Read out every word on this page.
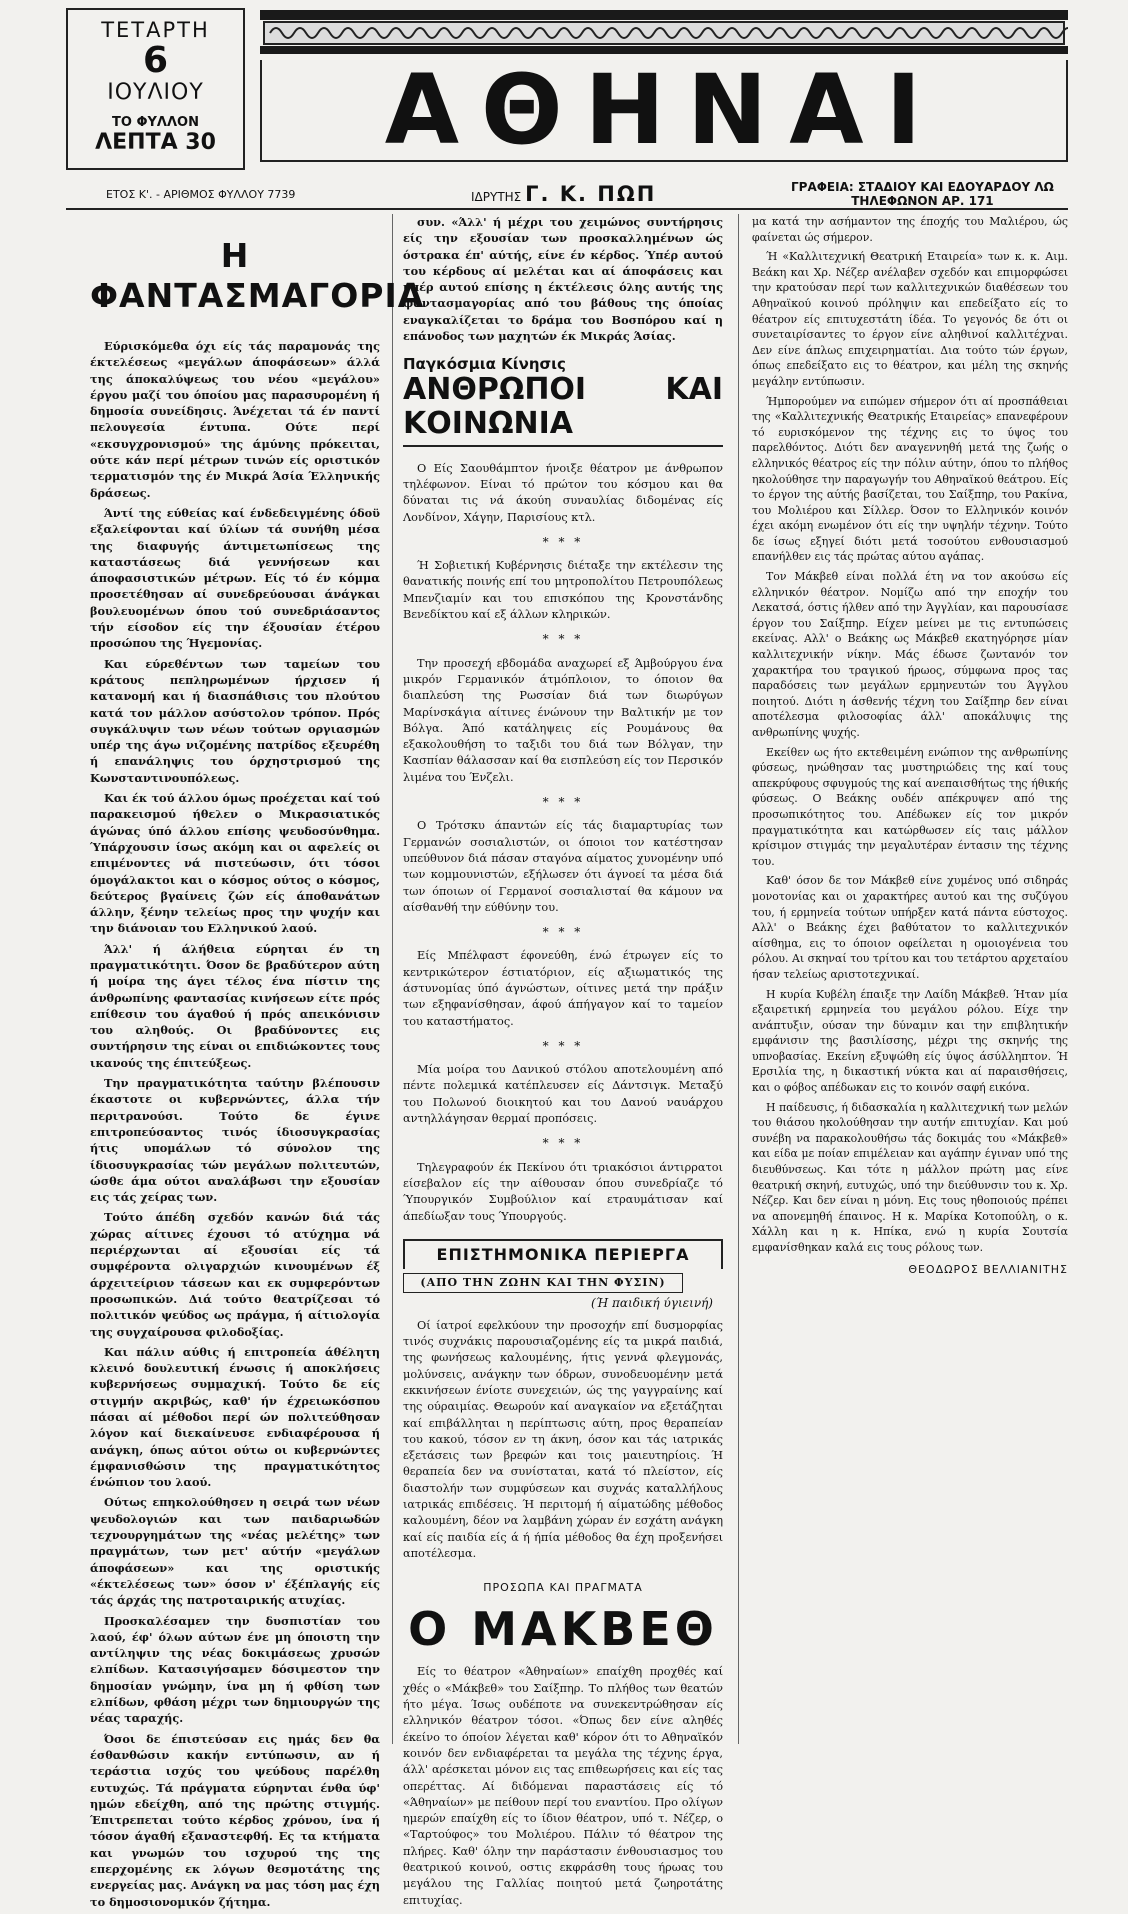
ΤΕΤΑΡΤΗ
6
ΙΟΥΛΙΟΥ
ΤΟ ΦΥΛΛΟΝ
ΛΕΠΤΑ 30	ΑΘΗΝΑΙ
ΕΤΟΣ Κ'. - ΑΡΙΘΜΟΣ ΦΥΛΛΟΥ 7739	ΙΔΡΥΤΗΣ Γ. Κ. ΠΩΠ	ΓΡΑΦΕΙΑ: ΣΤΑΔΙΟΥ ΚΑΙ ΕΔΟΥΑΡΔΟΥ ΛΩ
ΤΗΛΕΦΩΝΟΝ ΑΡ. 171
Η ΦΑΝΤΑΣΜΑΓΟΡΙΑ

Εύρισκόμεθα όχι είς τάς παραμονάς της έκτελέσεως «μεγάλων άποφάσεων» άλλά της άποκαλύψεως του νέου «μεγάλου» έργου μαζί του όποίου μας παρασυρομένη ή δημοσία συνείδησις. Άνέχεται τά έν παντί πελουγεσία έντυπα. Ούτε περί «εκσυγχρονισμού» της άμύνης πρόκειται, ούτε κάν περί μέτρων τινών είς οριστικόν τερματισμόν της έν Μικρά Άσία Έλληνικής δράσεως.

Άντί της εύθείας καί ένδεδειγμένης όδοϋ εξαλείφονται καί ύλίων τά συνήθη μέσα της διαφυγής άντιμετωπίσεως της καταστάσεως διά γεννήσεων και άποφασιστικών μέτρων. Είς τό έν κόμμα προσετέθησαν αί συνεδρεύουσαι άνάγκαι βουλευομένων όπου τού συνεδριάσαντος τήν είσοδον είς την έξουσίαν έτέρου προσώπου της Ήγεμονίας.

Και εύρεθέντων των ταμείων του κράτους πεπληρωμένων ήρχισεν ή κατανομή και ή διασπάθισις του πλούτου κατά τον μάλλον ασύστολον τρόπον. Πρός συγκάλυψιν των νέων τούτων οργιασμών υπέρ της άγω νιζομένης πατρίδος εξευρέθη ή επανάληψις του όρχηστρισμού της Κωνσταντινουπόλεως.

Και έκ τού άλλου όμως προέχεται καί τού παρακεισμού ήθελεν ο Μικρασιατικός άγώνας ύπό άλλου επίσης ψευδοσύνθημα. Ύπάρχουσιν ίσως ακόμη και οι αφελείς οι επιμένοντες νά πιστεύωσιν, ότι τόσοι όμογάλακτοι και ο κόσμος ούτος ο κόσμος, δεύτερος βγαίνεις ζών είς άποθανάτων άλλην, ξένην τελείως προς την ψυχήν και την διάνοιαν του Ελληνικού λαού.

Άλλ' ή άλήθεια εύρηται έν τη πραγματικότητι. Όσον δε βραδύτερον αύτη ή μοίρα της άγει τέλος ένα πίστιν της άνθρωπίνης φαντασίας κινήσεων είτε πρός επίθεσιν του άγαθού ή πρός απεικόνισιν του αληθούς. Οι βραδύνοντες εις συντήρησιν της είναι οι επιδιώκοντες τους ικανούς της έπιτεύξεως.

Την πραγματικότητα ταύτην βλέπουσιν έκαστοτε οι κυβερνώντες, άλλα τήν περιτρανούσι. Τούτο δε έγινε επιτροπεύσαντος τινός ίδιοσυγκρασίας ήτις υπομάλων τό σύνολον της ίδιοσυγκρασίας τών μεγάλων πολιτευτών, ώσθε άμα ούτοι αναλάβωσι την εξουσίαν εις τάς χείρας των.

Τούτο άπέδη σχεδόν κανών διά τάς χώρας αίτινες έχουσι τό ατύχημα νά περιέρχωνται αί εξουσίαι είς τά συμφέροντα ολιγαρχιών κινουμένων έξ άρχειτείριον τάσεων και εκ συμφερόντων προσωπικών. Διά τούτο θεατρίζεσαι τό πολιτικόν ψεύδος ως πράγμα, ή αίτιολογία της συγχαίρουσα φιλοδοξίας.

Και πάλιν αύθις ή επιτροπεία άθέλητη κλεινό δουλευτική ένωσις ή αποκλήσεις κυβερνήσεως συμμαχική. Τούτο δε είς στιγμήν ακριβώς, καθ' ήν έχρειωκόσπου πάσαι αί μέθοδοι περί ών πολιτεύθησαν λόγον καί διεκαίνευσε ενδιαφέρουσα ή ανάγκη, όπως αύτοι ούτω οι κυβερνώντες έμφανισθώσιν της πραγματικότητος ένώπιον του λαού.

Ούτως επηκολούθησεν η σειρά των νέων ψευδολογιών και των παιδαριωδών τεχνουργημάτων της «νέας μελέτης» των πραγμάτων, των μετ' αύτήν «μεγάλων άποφάσεων» και της οριστικής «έκτελέσεως των» όσον ν' έξέπλαγής είς τάς άρχάς της πατροταιρικής ατυχίας.

Προσκαλέσαμεν την δυσπιστίαν του λαού, έφ' όλων αύτων ένε μη όποιστη την αντίληψιν της νέας δοκιμάσεως χρυσών ελπίδων. Κατασιγήσαμεν δόσιμεστον την δημοσίαν γνώμην, ίνα μη ή φθίση των ελπίδων, φθάση μέχρι των δημιουργών της νέας ταραχής.

Όσοι δε έπιστεύσαν εις ημάς δεν θα έσθανθώσιν κακήν εντύπωσιν, αν ή τεράστια ισχύς του ψεύδους παρέλθη ευτυχώς. Τά πράγματα εύρηνται ένθα ύφ' ημών εδείχθη, από της πρώτης στιγμής. Έπιτρεπεται τούτο κέρδος χρόνου, ίνα ή τόσον άγαθή εξαναστεφθή. Ες τα κτήματα και γνωμών του ισχυρού της της επερχομένης εκ λόγων θεσμοτάτης της ενεργείας μας. Ανάγκη να μας τόση μας έχη το δημοσιονομικόν ζήτημα.

συν. «Άλλ' ή μέχρι του χειμώνος συντήρησις είς την εξουσίαν των προσκαλλημένων ώς όστρακα έπ' αύτής, είνε έν κέρδος. Ύπέρ αυτού του κέρδους αί μελέται και αί άποφάσεις και υπέρ αυτού επίσης η έκτέλεσις όλης αυτής της φαντασμαγορίας από του βάθους της όποίας εναγκαλίζεται το δράμα του Βοσπόρου καί η επάνοδος των μαχητών έκ Μικράς Άσίας.

Παγκόσμια Κίνησις
ΑΝΘΡΩΠΟΙ ΚΑΙ ΚΟΙΝΩΝΙΑ

Ο Είς Σαουθάμπτον ήνοιξε θέατρον με άνθρωπον τηλέφωνον. Είναι τό πρώτον του κόσμου και θα δύναται τις νά άκούη συναυλίας διδομένας είς Λονδίνον, Χάγην, Παρισίους κτλ.

* * *

Ή Σοβιετική Κυβέρνησις διέταξε την εκτέλεσιν της θανατικής ποινής επί του μητροπολίτου Πετρουπόλεως Μπενζιαμίν και του επισκόπου της Κρονστάνδης Βενεδίκτου καί εξ άλλων κληρικών.

* * *

Την προσεχή εβδομάδα αναχωρεί εξ Άμβούργου ένα μικρόν Γερμανικόν άτμόπλοιον, το όποιον θα διαπλεύση της Ρωσσίαν διά των διωρύγων Μαρίνσκάγια αίτινες ένώνουν την Βαλτικήν με τον Βόλγα. Άπό κατάληψεις είς Ρουμάνους θα εξακολουθήση το ταξιδι του διά των Βόλγαν, την Κασπίαν θάλασσαν καί θα εισπλεύση είς τον Περσικόν λιμένα του Ένζελι.

* * *

Ο Τρότσκυ άπαντών είς τάς διαμαρτυρίας των Γερμανών σοσιαλιστών, οι όποιοι τον κατέστησαν υπεύθυνον διά πάσαν σταγόνα αίματος χυνομένην υπό των κομμουνιστών, εξήλωσεν ότι άγνοεί τα μέσα διά των όποιων οί Γερμανοί σοσιαλισταί θα κάμουν να αίσθανθή την εύθύνην του.

* * *

Είς Μπέλφαστ έφονεύθη, ένώ έτρωγεν είς το κεντρικώτερον έστιατόριον, είς αξιωματικός της άστυνομίας ύπό άγνώστων, οίτινες μετά την πράξιν των εξηφανίσθησαν, άφού άπήγαγον καί το ταμείον του καταστήματος.

* * *

Μία μοίρα του Δανικού στόλου αποτελουμένη από πέντε πολεμικά κατέπλευσεν είς Δάντσιγκ. Μεταξύ του Πολωνού διοικητού και του Δανού ναυάρχου αντηλλάγησαν θερμαί προπόσεις.

* * *

Τηλεγραφούν έκ Πεκίνου ότι τριακόσιοι άντιρρατοι είσεβαλον είς την αίθουσαν όπου συνεδρίαζε τό Ύπουργικόν Συμβούλιον καί ετραυμάτισαν καί άπεδίωξαν τους Ύπουργούς.

ΕΠΙΣΤΗΜΟΝΙΚΑ ΠΕΡΙΕΡΓΑ
(ΑΠΟ ΤΗΝ ΖΩΗΝ ΚΑΙ ΤΗΝ ΦΥΣΙΝ)
(Ή παιδική ύγιεινή)

Οί ίατροί εφελκύουν την προσοχήν επί δυσμορφίας τινός συχνάκις παρουσιαζομένης είς τα μικρά παιδιά, της φωνήσεως καλουμένης, ήτις γεννά φλεγμονάς, μολύνσεις, ανάγκην των όδρων, συνοδευομένην μετά εκκινήσεων ένίοτε συνεχειών, ώς της γαγγραίνης καί της ούραιμίας. Θεωρούν καί αναγκαίον να εξετάζηται καί επιβάλληται η περίπτωσις αύτη, προς θεραπείαν του κακού, τόσον εν τη άκνη, όσον και τάς ιατρικάς εξετάσεις των βρεφών και τοις μαιευτηρίοις. Ή θεραπεία δεν να συνίσταται, κατά τό πλείστον, είς διαστολήν των συμφύσεων και συχνάς καταλλήλους ιατρικάς επιδέσεις. Ή περιτομή ή αίματώδης μέθοδος καλουμένη, δέον να λαμβάνη χώραν έν εσχάτη ανάγκη καί είς παιδία είς ά ή ήπία μέθοδος θα έχη προξενήσει αποτέλεσμα.

ΠΡΟΣΩΠΑ ΚΑΙ ΠΡΑΓΜΑΤΑ
Ο ΜΑΚΒΕΘ

Είς το θέατρον «Άθηναίων» επαίχθη προχθές καί χθές ο «Μάκβεθ» του Σαίξπηρ. Το πλήθος των θεατών ήτο μέγα. Ίσως ουδέποτε να συνεκεντρώθησαν είς ελληνικόν θέατρον τόσοι. «Όπως δεν είνε αληθές έκείνο το όποίον λέγεται καθ' κόρον ότι το Αθηναϊκόν κοινόν δεν ενδιαφέρεται τα μεγάλα της τέχνης έργα, άλλ' αρέσκεται μόνον εις τας επιθεωρήσεις και είς τας οπερέττας. Αί διδόμεναι παραστάσεις είς τό «Άθηναίων» με πείθουν περί του εναντίου. Προ ολίγων ημερών επαίχθη είς το ίδιον θέατρον, υπό τ. Νέζερ, ο «Ταρτούφος» του Μολιέρου. Πάλιν τό θέατρον της πλήρες. Καθ' όλην την παράστασιν ένθουσιασμος του θεατρικού κοινού, οστις εκφράσθη τους ήρωας του μεγάλου της Γαλλίας ποιητού μετά ζωηροτάτης επιτυχίας.

μα κατά την ασήμαντον της έποχής του Μαλιέρου, ώς φαίνεται ώς σήμερον.

Ή «Καλλιτεχνική Θεατρική Εταιρεία» των κ. κ. Αιμ. Βεάκη και Χρ. Νέζερ ανέλαβεν σχεδόν και επιμορφώσει την κρατούσαν περί των καλλιτεχνικών διαθέσεων του Αθηναϊκού κοινού πρόληψιν και επεδείξατο είς το θέατρον είς επιτυχεστάτη ίδέα. Το γεγονός δε ότι οι συνεταιρίσαντες το έργον είνε αληθινοί καλλιτέχναι. Δεν είνε άπλως επιχειρηματίαι. Δια τούτο τών έργων, όπως επεδείξατο εις το θέατρον, και μέλη της σκηνής μεγάλην εντύπωσιν.

Ήμπορούμεν να ειπώμεν σήμερον ότι αί προσπάθειαι της «Καλλιτεχνικής Θεατρικής Εταιρείας» επανεφέρουν τό ευρισκόμενον της τέχνης εις το ύψος του παρελθόντος. Διότι δεν αναγεννηθή μετά της ζωής ο ελληνικός θέατρος είς την πόλιν αύτην, όπου το πλήθος ηκολούθησε την παραγωγήν του Αθηναϊκού θεάτρου. Είς το έργον της αύτής βασίζεται, του Σαίξπηρ, του Ρακίνα, του Μολιέρου και Σίλλερ. Όσον το Ελληνικόν κοινόν έχει ακόμη ενωμένον ότι είς την υψηλήν τέχνην. Τούτο δε ίσως εξηγεί διότι μετά τοσούτου ενθουσιασμού επανήλθεν εις τάς πρώτας αύτου αγάπας.

Τον Μάκβεθ είναι πολλά έτη να τον ακούσω είς ελληνικόν θέατρον. Νομίζω από την εποχήν του Λεκατσά, όστις ήλθεν από την Άγγλίαν, και παρουσίασε έργον του Σαίξπηρ. Είχεν μείνει με τις εντυπώσεις εκείνας. Αλλ' ο Βεάκης ως Μάκβεθ εκατηγόρησε μίαν καλλιτεχνικήν νίκην. Μάς έδωσε ζωντανόν τον χαρακτήρα του τραγικού ήρωος, σύμφωνα προς τας παραδόσεις των μεγάλων ερμηνευτών του Άγγλου ποιητού. Διότι η άσθενής τέχνη του Σαίξπηρ δεν είναι αποτέλεσμα φιλοσοφίας άλλ' αποκάλυψις της ανθρωπίνης ψυχής.

Εκείθεν ως ήτο εκτεθειμένη ενώπιον της ανθρωπίνης φύσεως, ηνώθησαν τας μυστηριώδεις της καί τους απεκρύφους σφυγμούς της καί ανεπαισθήτως της ήθικής φύσεως. Ο Βεάκης ουδέν απέκρυψεν από της προσωπικότητος του. Απέδωκεν είς τον μικρόν πραγματικότητα και κατώρθωσεν είς ταις μάλλον κρίσιμον στιγμάς την μεγαλυτέραν έντασιν της τέχνης του.

Καθ' όσον δε τον Μάκβεθ είνε χυμένος υπό σιδηράς μονοτονίας και οι χαρακτήρες αυτού και της συζύγου του, ή ερμηνεία τούτων υπήρξεν κατά πάντα εύστοχος. Αλλ' ο Βεάκης έχει βαθύτατον το καλλιτεχνικόν αίσθημα, εις το όποιον οφείλεται η ομοιογένεια του ρόλου. Αι σκηναί του τρίτου και του τετάρτου αρχεταίου ήσαν τελείως αριστοτεχνικαί.

Η κυρία Κυβέλη έπαιξε την Λαίδη Μάκβεθ. Ήταν μία εξαιρετική ερμηνεία του μεγάλου ρόλου. Είχε την ανάπτυξιν, ούσαν την δύναμιν και την επιβλητικήν εμφάνισιν της βασιλίσσης, μέχρι της σκηνής της υπνοβασίας. Εκείνη εξυψώθη είς ύψος άσύλληπτον. Ή Ερσιλία της, η δικαστική νύκτα και αί παραισθήσεις, και ο φόβος απέδωκαν εις το κοινόν σαφή εικόνα.

Η παίδευσις, ή διδασκαλία η καλλιτεχνική των μελών του θιάσου ηκολούθησαν την αυτήν επιτυχίαν. Και μού συνέβη να παρακολουθήσω τάς δοκιμάς του «Μάκβεθ» και είδα με ποίαν επιμέλειαν και αγάπην έγιναν υπό της διευθύνσεως. Και τότε η μάλλον πρώτη μας είνε θεατρική σκηνή, ευτυχώς, υπό την διεύθυνσιν του κ. Χρ. Νέζερ. Και δεν είναι η μόνη. Εις τους ηθοποιούς πρέπει να απονεμηθή έπαινος. Η κ. Μαρίκα Κοτοπούλη, ο κ. Χάλλη και η κ. Ηπίκα, ενώ η κυρία Σουτσία εμφανίσθηκαν καλά εις τους ρόλους των.

ΘΕΟΔΩΡΟΣ ΒΕΛΛΙΑΝΙΤΗΣ
